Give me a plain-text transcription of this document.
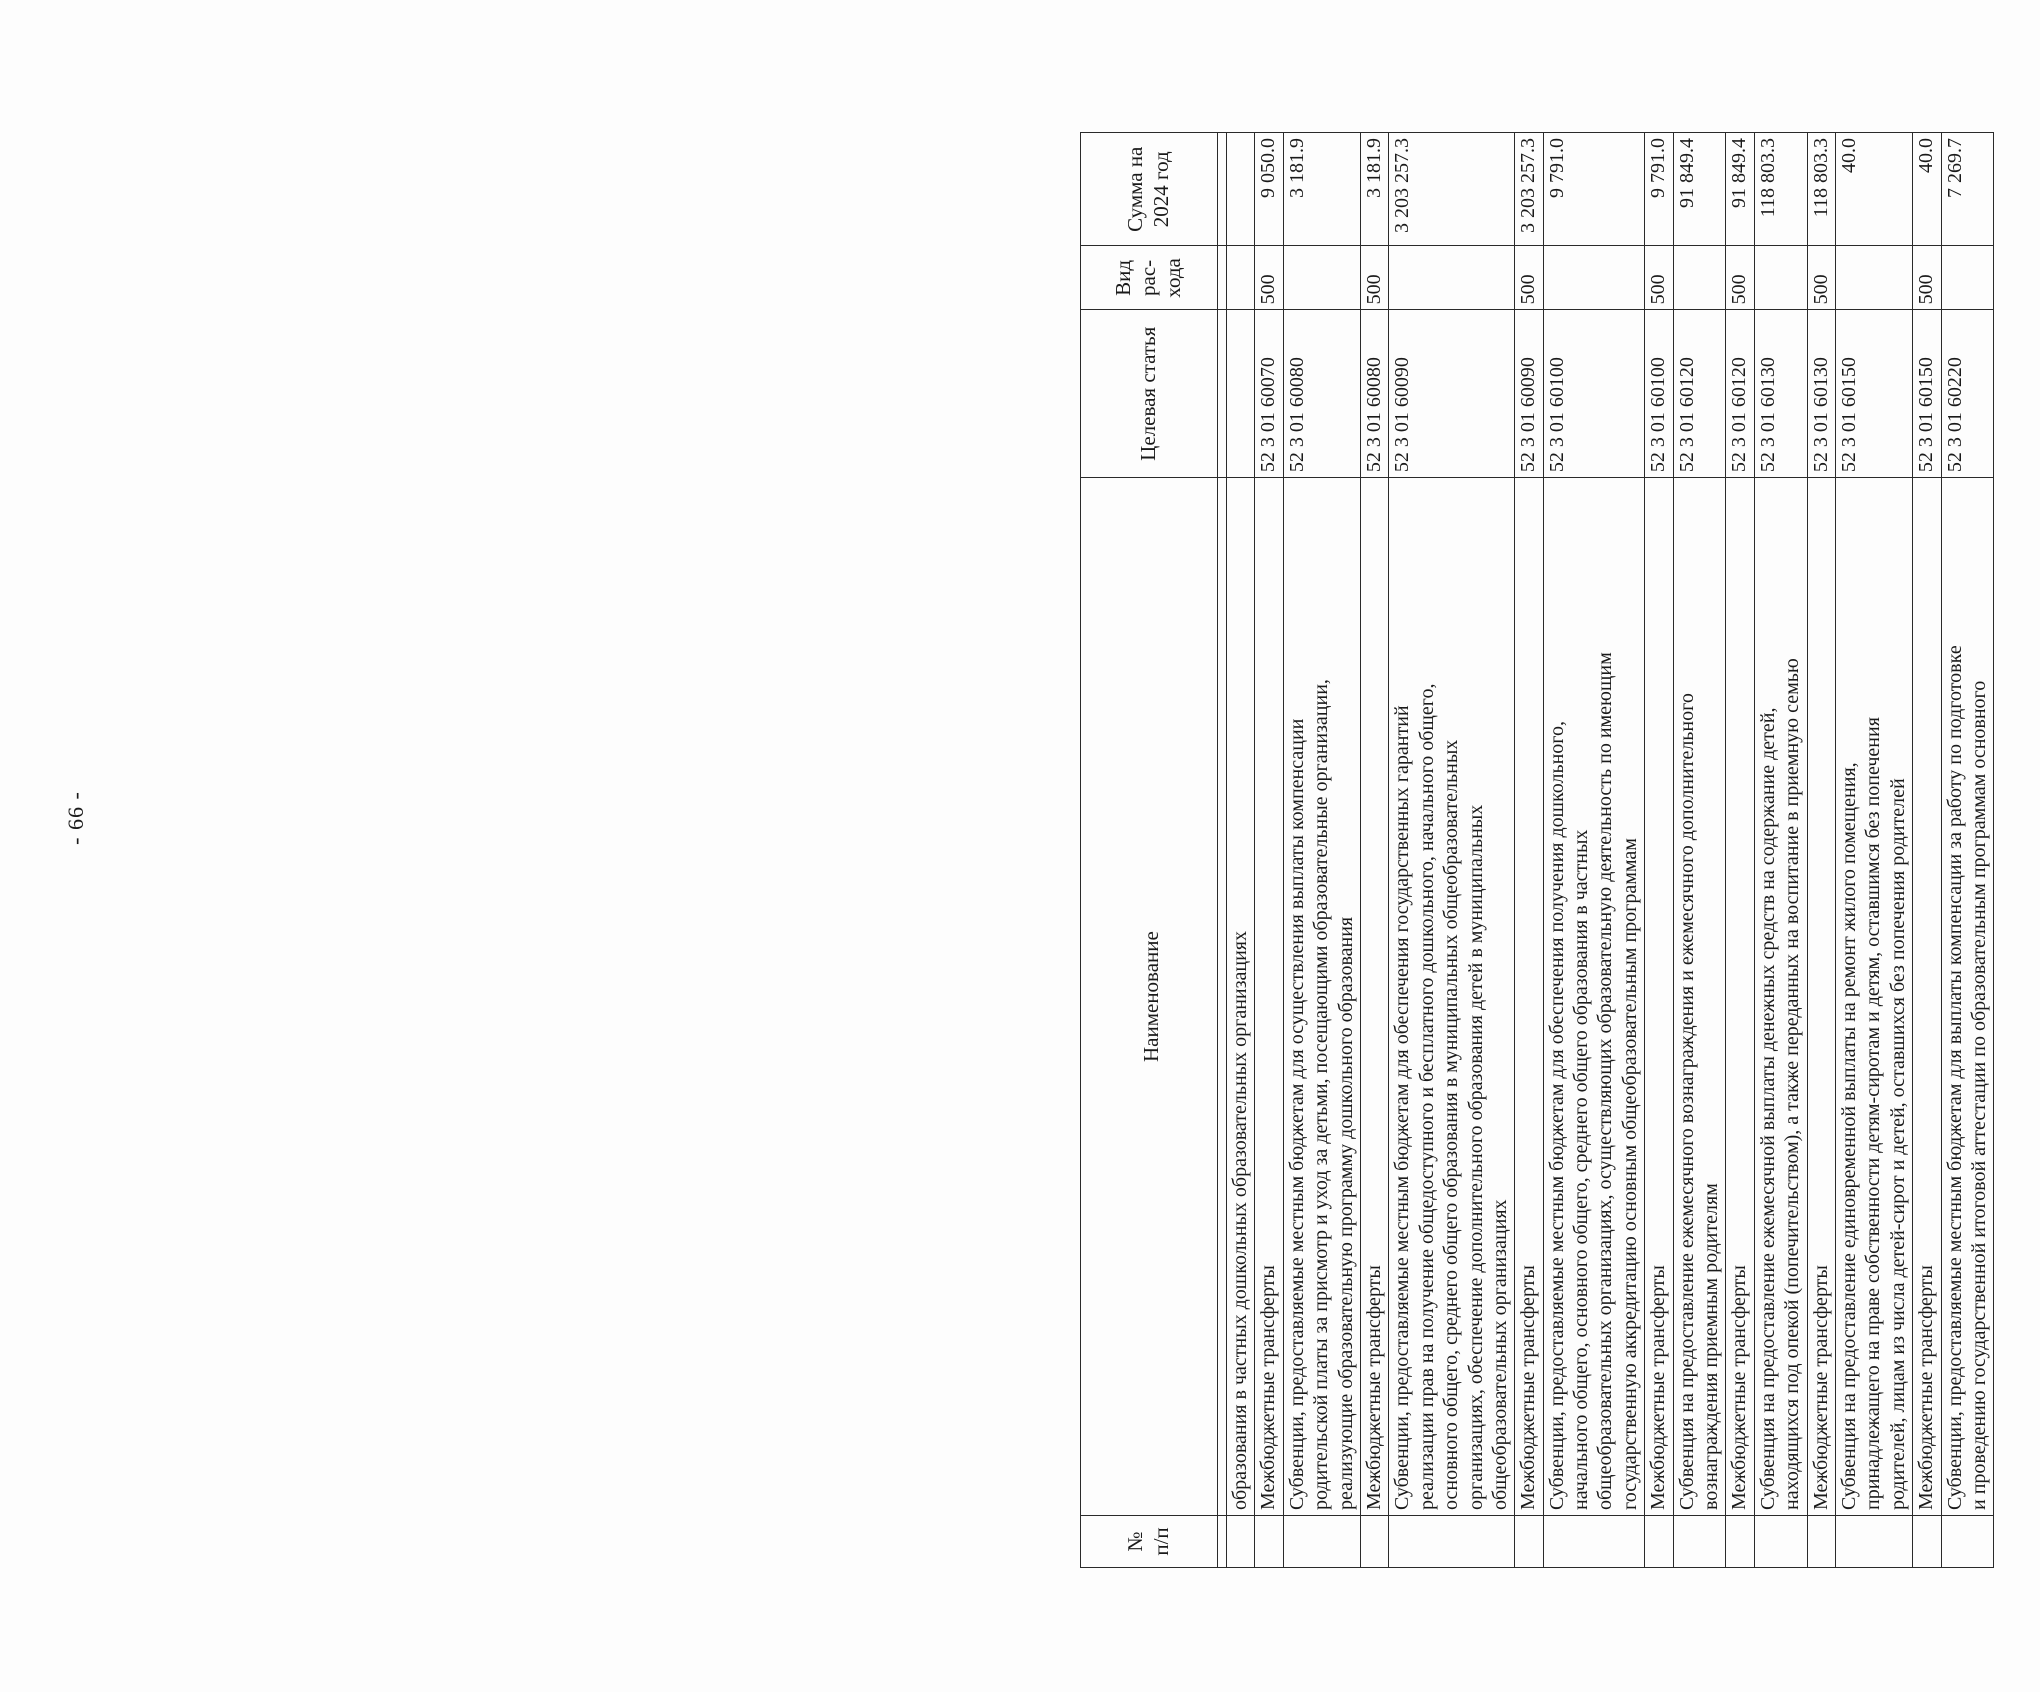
- 66 -
№ п/п	Наименование	Целевая статья	Вид рас-хода	Сумма на 2024 год

	образования в частных дошкольных образовательных организациях			

	Межбюджетные трансферты	52 3 01 60070	500	9 050.0

	Субвенции, предоставляемые местным бюджетам для осуществления выплаты компенсации родительской платы за присмотр и уход за детьми, посещающими образовательные организации, реализующие образовательную программу дошкольного образования	52 3 01 60080		3 181.9

	Межбюджетные трансферты	52 3 01 60080	500	3 181.9

	Субвенции, предоставляемые местным бюджетам для обеспечения государственных гарантий реализации прав на получение общедоступного и бесплатного дошкольного, начального общего, основного общего, среднего общего образования в муниципальных общеобразовательных организациях, обеспечение дополнительного образования детей в муниципальных общеобразовательных организациях	52 3 01 60090		3 203 257.3

	Межбюджетные трансферты	52 3 01 60090	500	3 203 257.3

	Субвенции, предоставляемые местным бюджетам для обеспечения получения дошкольного, начального общего, основного общего, среднего общего образования в частных общеобразовательных организациях, осуществляющих образовательную деятельность по имеющим государственную аккредитацию основным общеобразовательным программам	52 3 01 60100		9 791.0

	Межбюджетные трансферты	52 3 01 60100	500	9 791.0

	Субвенция на предоставление ежемесячного вознаграждения и ежемесячного дополнительного вознаграждения приемным родителям	52 3 01 60120		91 849.4

	Межбюджетные трансферты	52 3 01 60120	500	91 849.4

	Субвенция на предоставление ежемесячной выплаты денежных средств на содержание детей, находящихся под опекой (попечительством), а также переданных на воспитание в приемную семью	52 3 01 60130		118 803.3

	Межбюджетные трансферты	52 3 01 60130	500	118 803.3

	Субвенция на предоставление единовременной выплаты на ремонт жилого помещения, принадлежащего на праве собственности детям-сиротам и детям, оставшимся без попечения родителей, лицам из числа детей-сирот и детей, оставшихся без попечения родителей	52 3 01 60150		40.0

	Межбюджетные трансферты	52 3 01 60150	500	40.0

	Субвенции, предоставляемые местным бюджетам для выплаты компенсации за работу по подготовке и проведению государственной итоговой аттестации по образовательным программам основного	52 3 01 60220		7 269.7
